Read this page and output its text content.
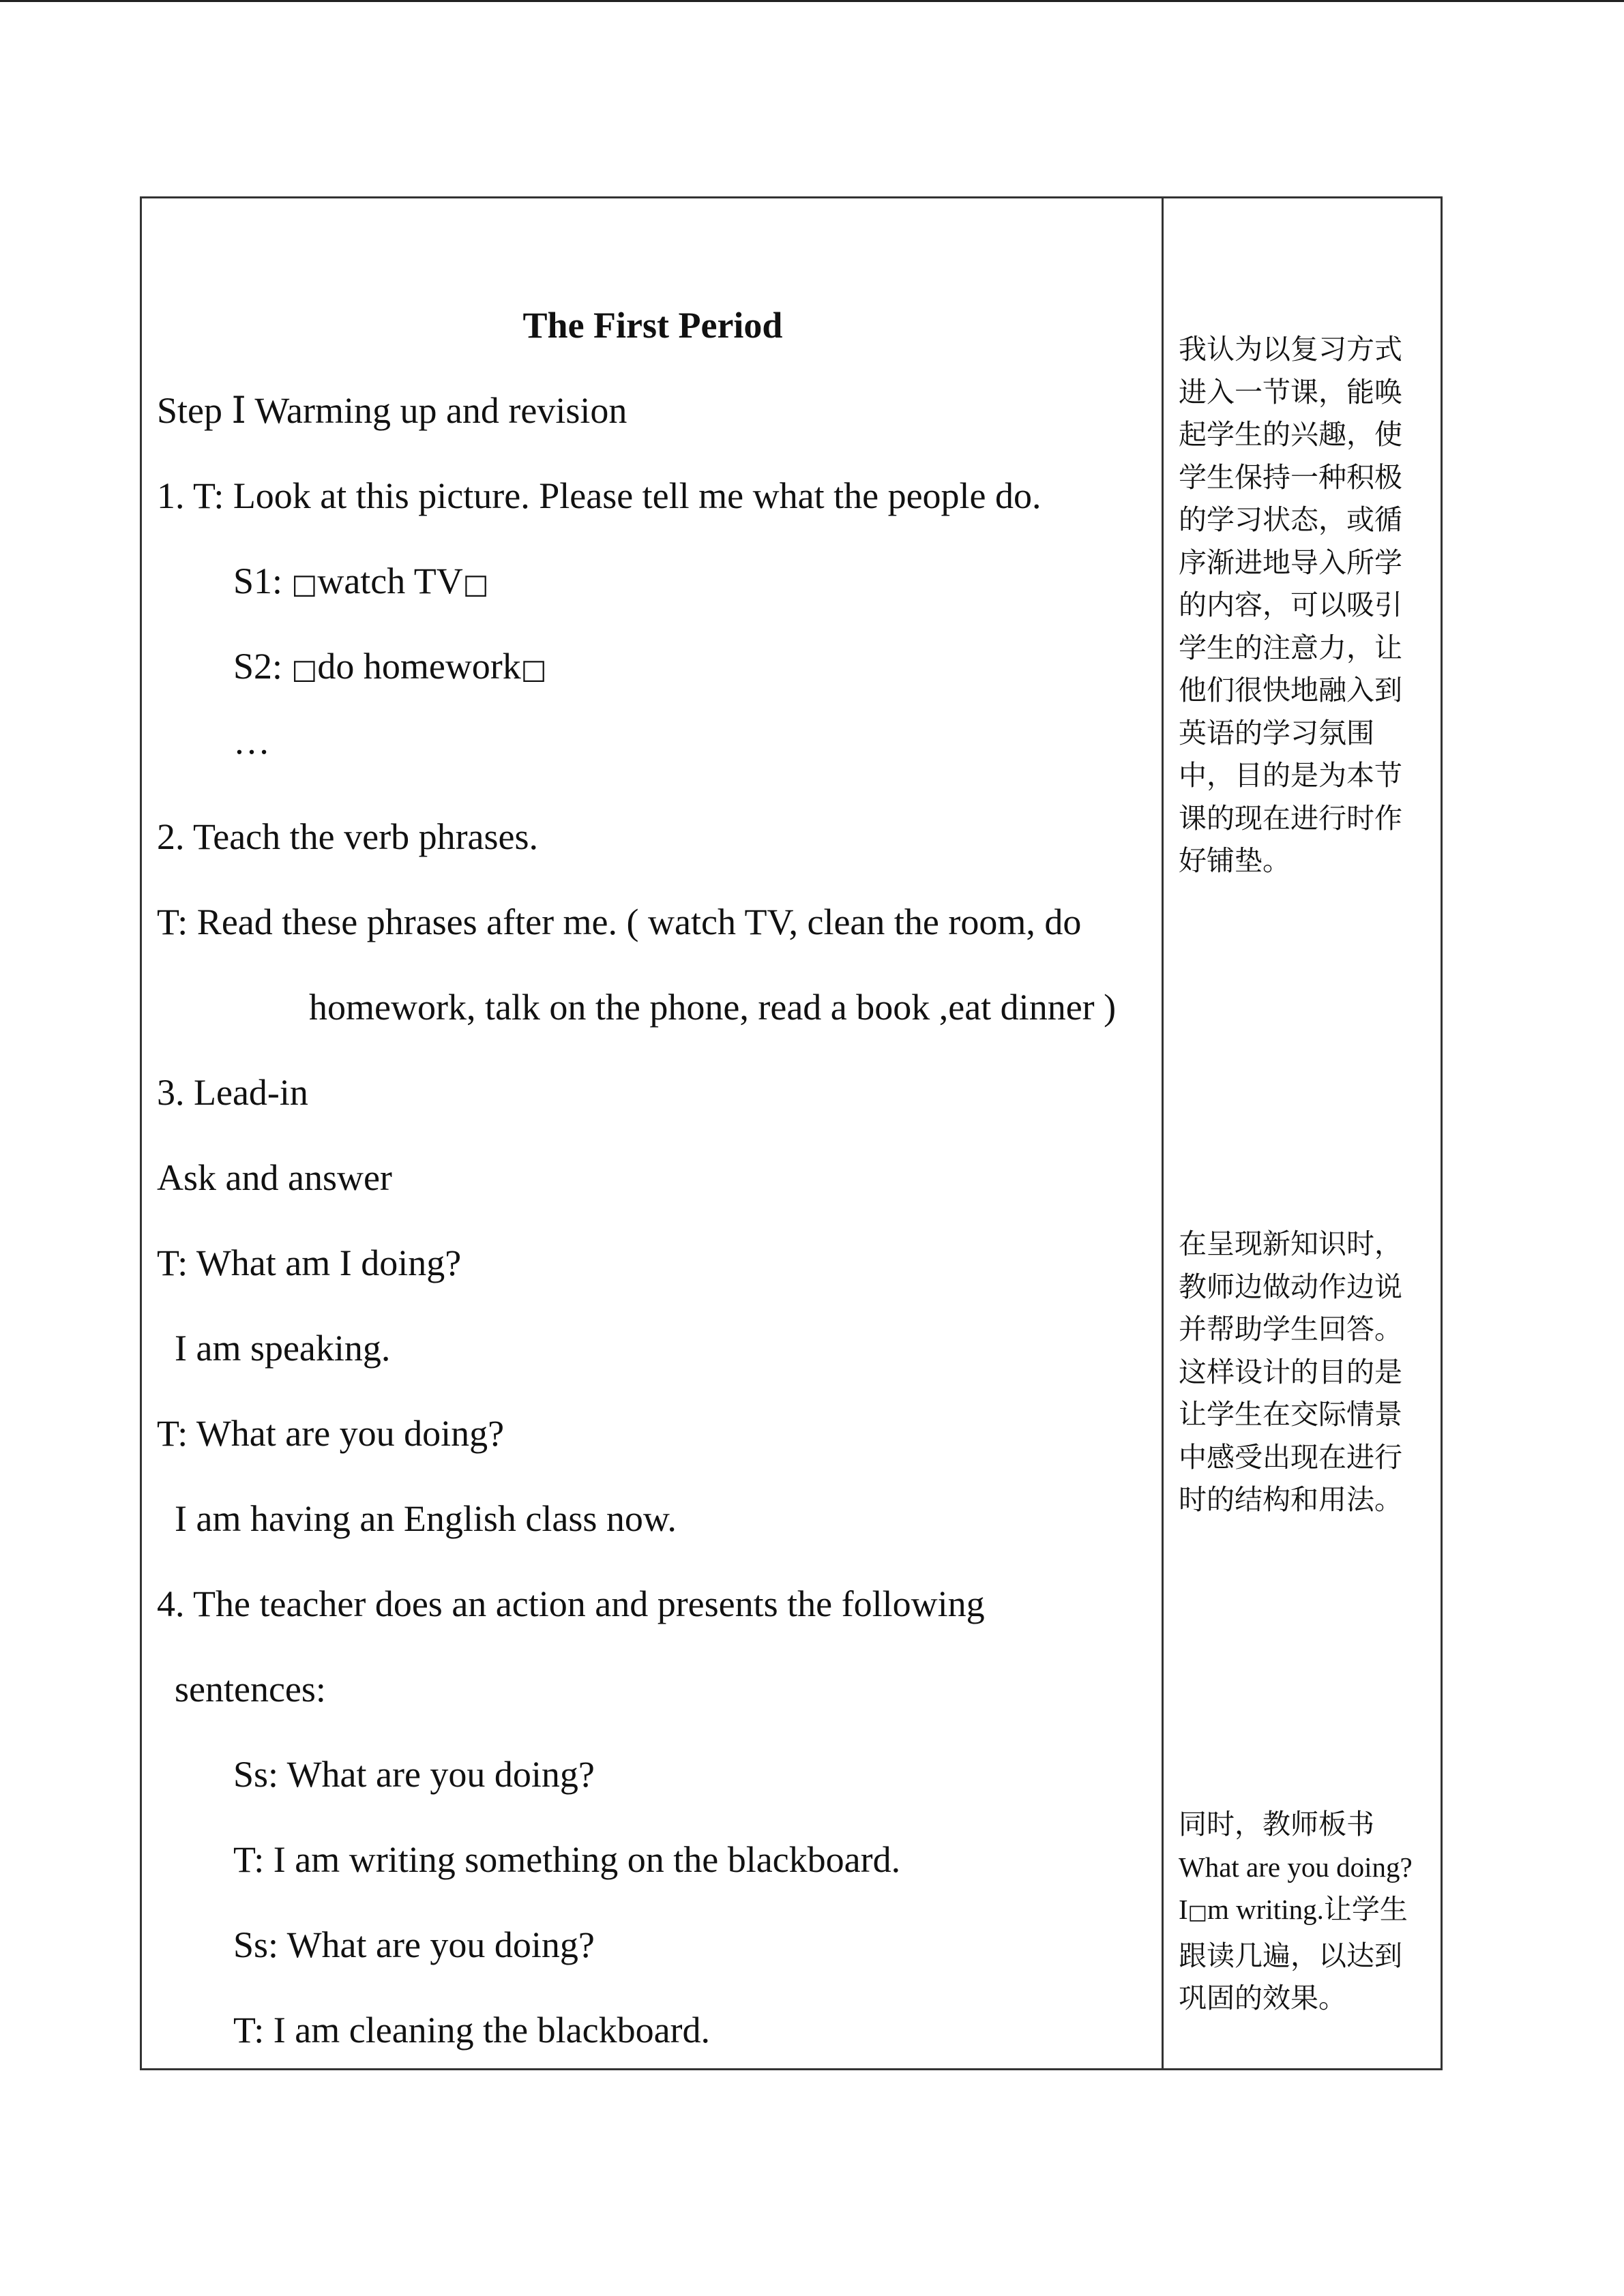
The First Period
Step Ⅰ Warming up and revision
1. T: Look at this picture. Please tell me what the people do.
S1: □watch TV□
S2: □do homework□
…
2. Teach the verb phrases.
T: Read these phrases after me. ( watch TV, clean the room, do
homework, talk on the phone, read a book ,eat dinner )
3. Lead-in
Ask and answer
T: What am I doing?
I am speaking.
T: What are you doing?
I am having an English class now.
4. The teacher does an action and presents the following
sentences:
Ss: What are you doing?
T: I am writing something on the blackboard.
Ss: What are you doing?
T: I am cleaning the blackboard.

我认为以复习方式

进入一节课，能唤

起学生的兴趣，使

学生保持一种积极

的学习状态，或循

序渐进地导入所学

的内容，可以吸引

学生的注意力，让

他们很快地融入到

英语的学习氛围

中，目的是为本节

课的现在进行时作

好铺垫。

在呈现新知识时，

教师边做动作边说

并帮助学生回答。

这样设计的目的是

让学生在交际情景

中感受出现在进行

时的结构和用法。

同时，教师板书

What are you doing?

I□m writing.让学生

跟读几遍，以达到

巩固的效果。
